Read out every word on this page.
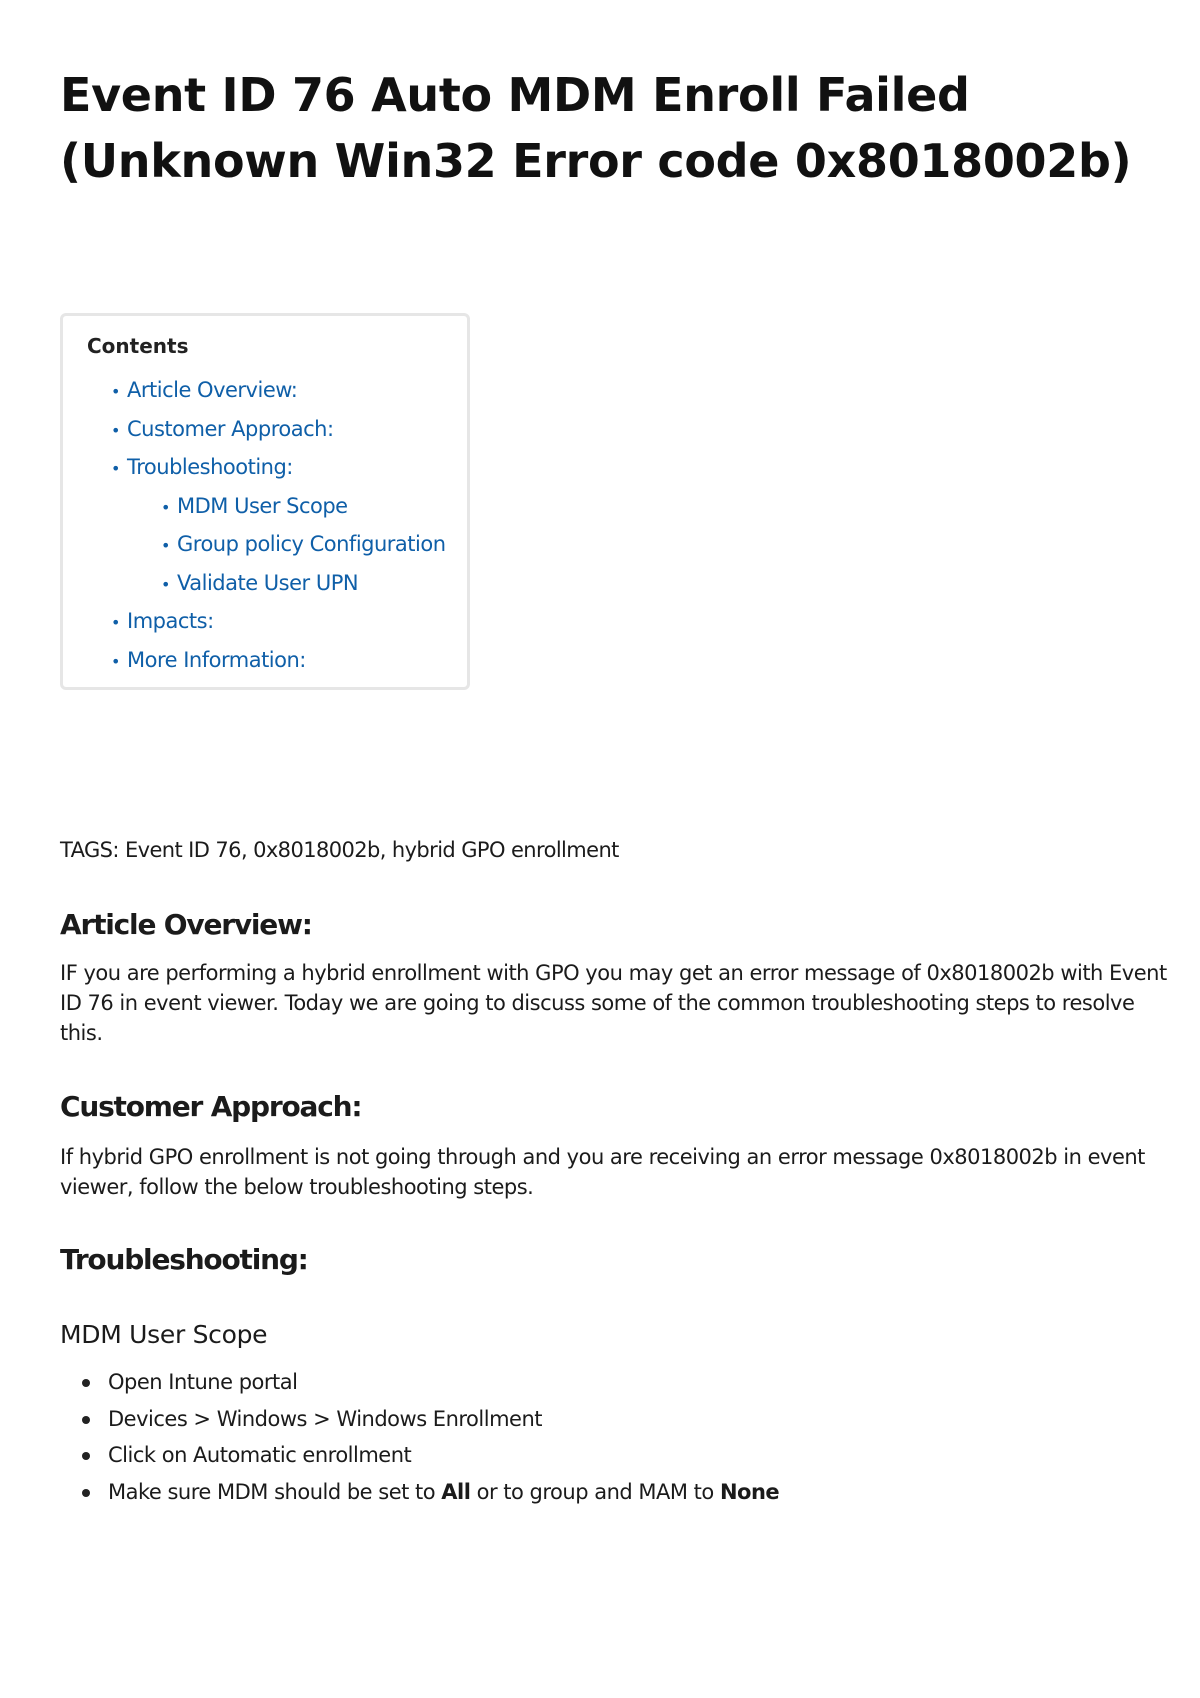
Event ID 76 Auto MDM Enroll Failed (Unknown Win32 Error code 0x8018002b)
Contents
• Article Overview:
• Customer Approach:
• Troubleshooting:
• MDM User Scope
• Group policy Configuration
• Validate User UPN
• Impacts:
• More Information:
TAGS: Event ID 76, 0x8018002b, hybrid GPO enrollment
Article Overview:
IF you are performing a hybrid enrollment with GPO you may get an error message of 0x8018002b with Event ID 76 in event viewer. Today we are going to discuss some of the common troubleshooting steps to resolve this.
Customer Approach:
If hybrid GPO enrollment is not going through and you are receiving an error message 0x8018002b in event viewer, follow the below troubleshooting steps.
Troubleshooting:
MDM User Scope
Open Intune portal
Devices > Windows > Windows Enrollment
Click on Automatic enrollment
Make sure MDM should be set to All or to group and MAM to None
